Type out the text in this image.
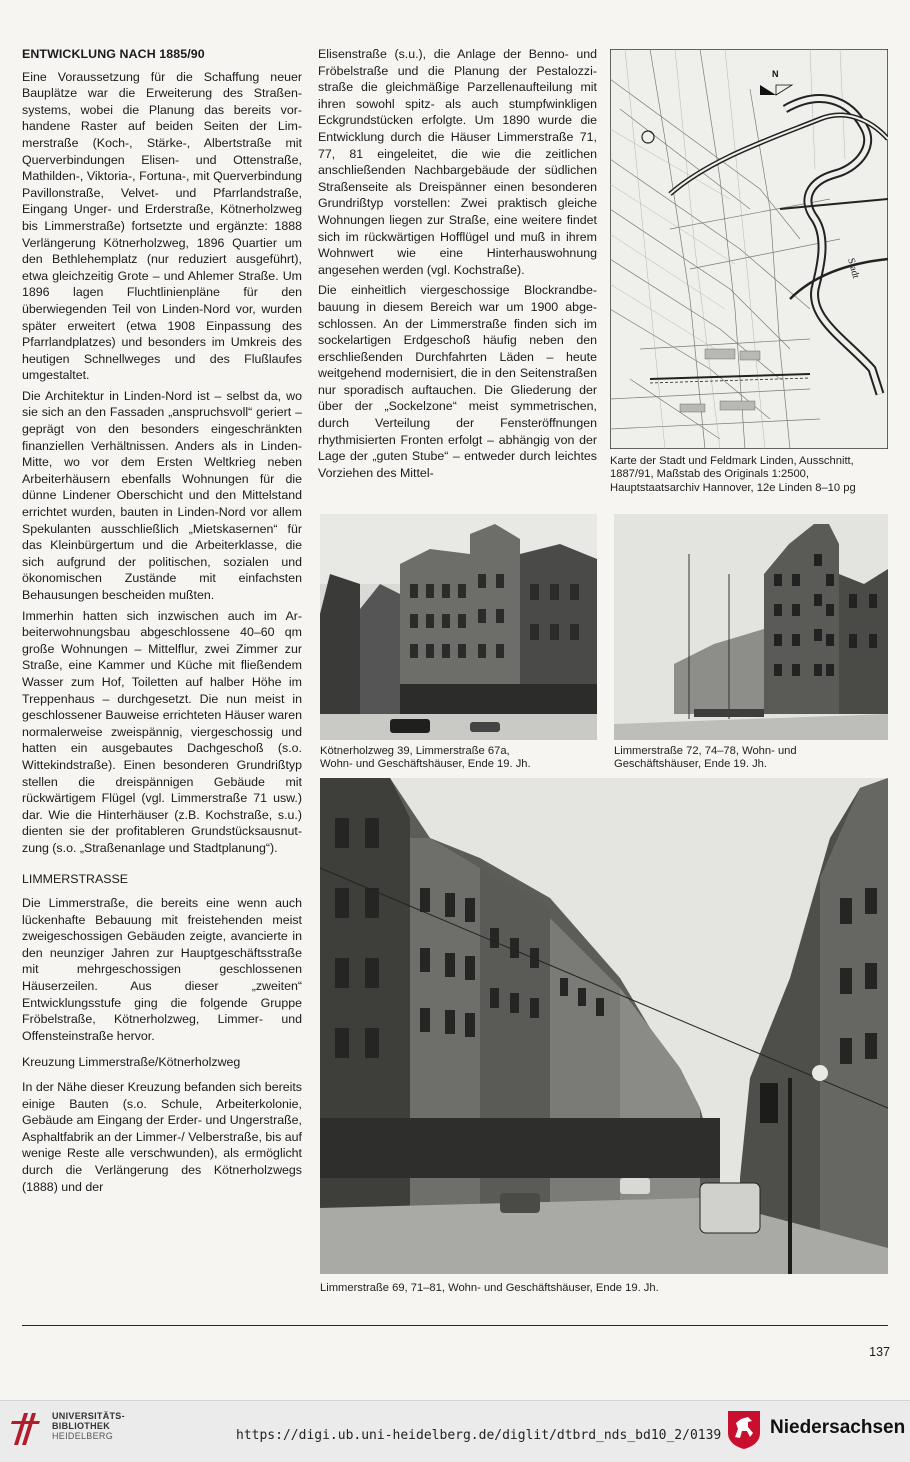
ENTWICKLUNG NACH 1885/90

Eine Voraussetzung für die Schaffung neuer Bauplätze war die Erweiterung des Straßensystems, wobei die Planung das bereits vorhandene Raster auf beiden Seiten der Limmerstraße (Koch-, Stärke-, Albertstraße mit Querverbindungen Elisen- und Ottenstraße, Mathilden-, Viktoria-, Fortuna-, mit Querverbindung Pavillonstraße, Velvet- und Pfarrlandstraße, Eingang Unger- und Erderstraße, Kötnerholzweg bis Limmerstraße) fortsetzte und ergänzte: 1888 Verlängerung Kötnerholzweg, 1896 Quartier um den Bethlehemplatz (nur reduziert ausgeführt), etwa gleichzeitig Grote – und Ahlemer Straße. Um 1896 lagen Fluchtlinienpläne für den überwiegenden Teil von Linden-Nord vor, wurden später erweitert (etwa 1908 Einpassung des Pfarrlandplatzes) und besonders im Umkreis des heutigen Schnellweges und des Flußlaufes umgestaltet.

Die Architektur in Linden-Nord ist – selbst da, wo sie sich an den Fassaden „anspruchsvoll“ geriert – geprägt von den besonders eingeschränkten finanziellen Verhältnissen. Anders als in Linden-Mitte, wo vor dem Ersten Weltkrieg neben Arbeiterhäusern ebenfalls Wohnungen für die dünne Lindener Oberschicht und den Mittelstand errichtet wurden, bauten in Linden-Nord vor allem Spekulanten ausschließlich „Mietskasernen“ für das Kleinbürgertum und die Arbeiterklasse, die sich aufgrund der politischen, sozialen und ökonomischen Zustände mit einfachsten Behausungen bescheiden mußten.

Immerhin hatten sich inzwischen auch im Arbeiterwohnungsbau abgeschlossene 40–60 qm große Wohnungen – Mittelflur, zwei Zimmer zur Straße, eine Kammer und Küche mit fließendem Wasser zum Hof, Toiletten auf halber Höhe im Treppenhaus – durchgesetzt. Die nun meist in geschlossener Bauweise errichteten Häuser waren normalerweise zweispännig, viergeschossig und hatten ein ausgebautes Dachgeschoß (s.o. Wittekindstraße). Einen besonderen Grundrißtyp stellen die dreispännigen Gebäude mit rückwärtigem Flügel (vgl. Limmerstraße 71 usw.) dar. Wie die Hinterhäuser (z.B. Kochstraße, s.u.) dienten sie der profitableren Grundstücksausnutzung (s.o. „Straßenanlage und Stadtplanung“).

LIMMERSTRASSE

Die Limmerstraße, die bereits eine wenn auch lückenhafte Bebauung mit freistehenden meist zweigeschossigen Gebäuden zeigte, avancierte in den neunziger Jahren zur Hauptgeschäftsstraße mit mehrgeschossigen geschlossenen Häuserzeilen. Aus dieser „zweiten“ Entwicklungsstufe ging die folgende Gruppe Fröbelstraße, Kötnerholzweg, Limmer- und Offensteinstraße hervor.

Kreuzung Limmerstraße/Kötnerholzweg

In der Nähe dieser Kreuzung befanden sich bereits einige Bauten (s.o. Schule, Arbeiterkolonie, Gebäude am Eingang der Erder- und Ungerstraße, Asphaltfabrik an der Limmer-/ Velberstraße, bis auf wenige Reste alle verschwunden), als ermöglicht durch die Verlängerung des Kötnerholzwegs (1888) und der

Elisenstraße (s.u.), die Anlage der Benno- und Fröbelstraße und die Planung der Pestalozzistraße die gleichmäßige Parzellenaufteilung mit ihren sowohl spitz- als auch stumpfwinkligen Eckgrundstücken erfolgte. Um 1890 wurde die Entwicklung durch die Häuser Limmerstraße 71, 77, 81 eingeleitet, die wie die zeitlichen anschließenden Nachbargebäude der südlichen Straßenseite als Dreispänner einen besonderen Grundrißtyp vorstellen: Zwei praktisch gleiche Wohnungen liegen zur Straße, eine weitere findet sich im rückwärtigen Hofflügel und muß in ihrem Wohnwert wie eine Hinterhauswohnung angesehen werden (vgl. Kochstraße).

Die einheitlich viergeschossige Blockrandbebauung in diesem Bereich war um 1900 abgeschlossen. An der Limmerstraße finden sich im sockelartigen Erdgeschoß häufig neben den erschließenden Durchfahrten Läden – heute weitgehend modernisiert, die in den Seitenstraßen nur sporadisch auftauchen. Die Gliederung der über der „Sockelzone“ meist symmetrischen, durch Verteilung der Fensteröffnungen rhythmisierten Fronten erfolgt – abhängig von der Lage der „guten Stube“ – entweder durch leichtes Vorziehen des Mittel-

N
Stadt
Karte der Stadt und Feldmark Linden, Ausschnitt, 1887/91, Maßstab des Originals 1:2500, Hauptstaatsarchiv Hannover, 12e Linden 8–10 pg
Kötnerholzweg 39, Limmerstraße 67a,
Wohn- und Geschäftshäuser, Ende 19. Jh.
Limmerstraße 72, 74–78, Wohn- und
Geschäftshäuser, Ende 19. Jh.
Limmerstraße 69, 71–81, Wohn- und Geschäftshäuser, Ende 19. Jh.
137
UNIVERSITÄTS-
BIBLIOTHEK
HEIDELBERG	https://digi.ub.uni-heidelberg.de/diglit/dtbrd_nds_bd10_2/0139	Niedersachsen
